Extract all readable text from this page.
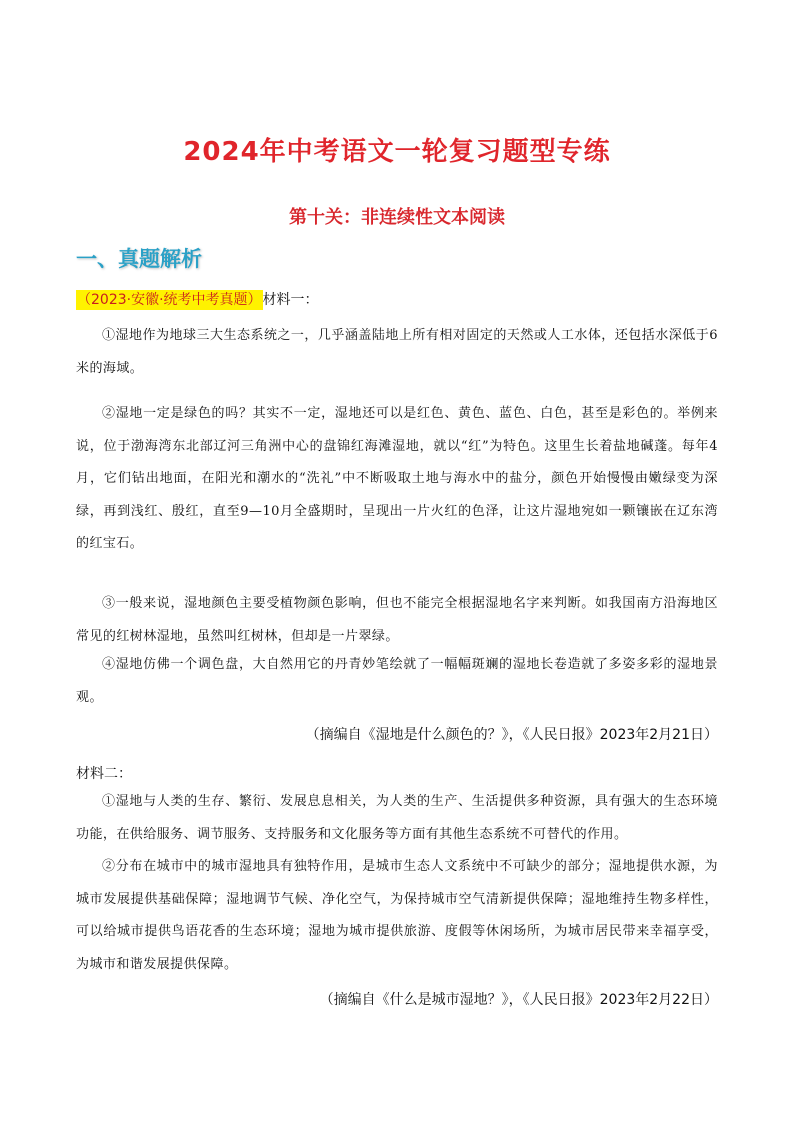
2024年中考语文一轮复习题型专练
第十关：非连续性文本阅读
一、真题解析
（2023·安徽·统考中考真题）材料一：
①湿地作为地球三大生态系统之一，几乎涵盖陆地上所有相对固定的天然或人工水体，还包括水深低于6米的海域。
②湿地一定是绿色的吗？其实不一定，湿地还可以是红色、黄色、蓝色、白色，甚至是彩色的。举例来说，位于渤海湾东北部辽河三角洲中心的盘锦红海滩湿地，就以“红”为特色。这里生长着盐地碱蓬。每年4月，它们钻出地面，在阳光和潮水的“洗礼”中不断吸取土地与海水中的盐分，颜色开始慢慢由嫩绿变为深绿，再到浅红、殷红，直至9—10月全盛期时，呈现出一片火红的色泽，让这片湿地宛如一颗镶嵌在辽东湾的红宝石。
③一般来说，湿地颜色主要受植物颜色影响，但也不能完全根据湿地名字来判断。如我国南方沿海地区常见的红树林湿地，虽然叫红树林，但却是一片翠绿。
④湿地仿佛一个调色盘，大自然用它的丹青妙笔绘就了一幅幅斑斓的湿地长卷造就了多姿多彩的湿地景观。
（摘编自《湿地是什么颜色的？》，《人民日报》2023年2月21日）
材料二：
①湿地与人类的生存、繁衍、发展息息相关，为人类的生产、生活提供多种资源，具有强大的生态环境功能，在供给服务、调节服务、支持服务和文化服务等方面有其他生态系统不可替代的作用。
②分布在城市中的城市湿地具有独特作用，是城市生态人文系统中不可缺少的部分；湿地提供水源，为城市发展提供基础保障；湿地调节气候、净化空气，为保持城市空气清新提供保障；湿地维持生物多样性，可以给城市提供鸟语花香的生态环境；湿地为城市提供旅游、度假等休闲场所，为城市居民带来幸福享受，为城市和谐发展提供保障。
（摘编自《什么是城市湿地？》，《人民日报》2023年2月22日）
